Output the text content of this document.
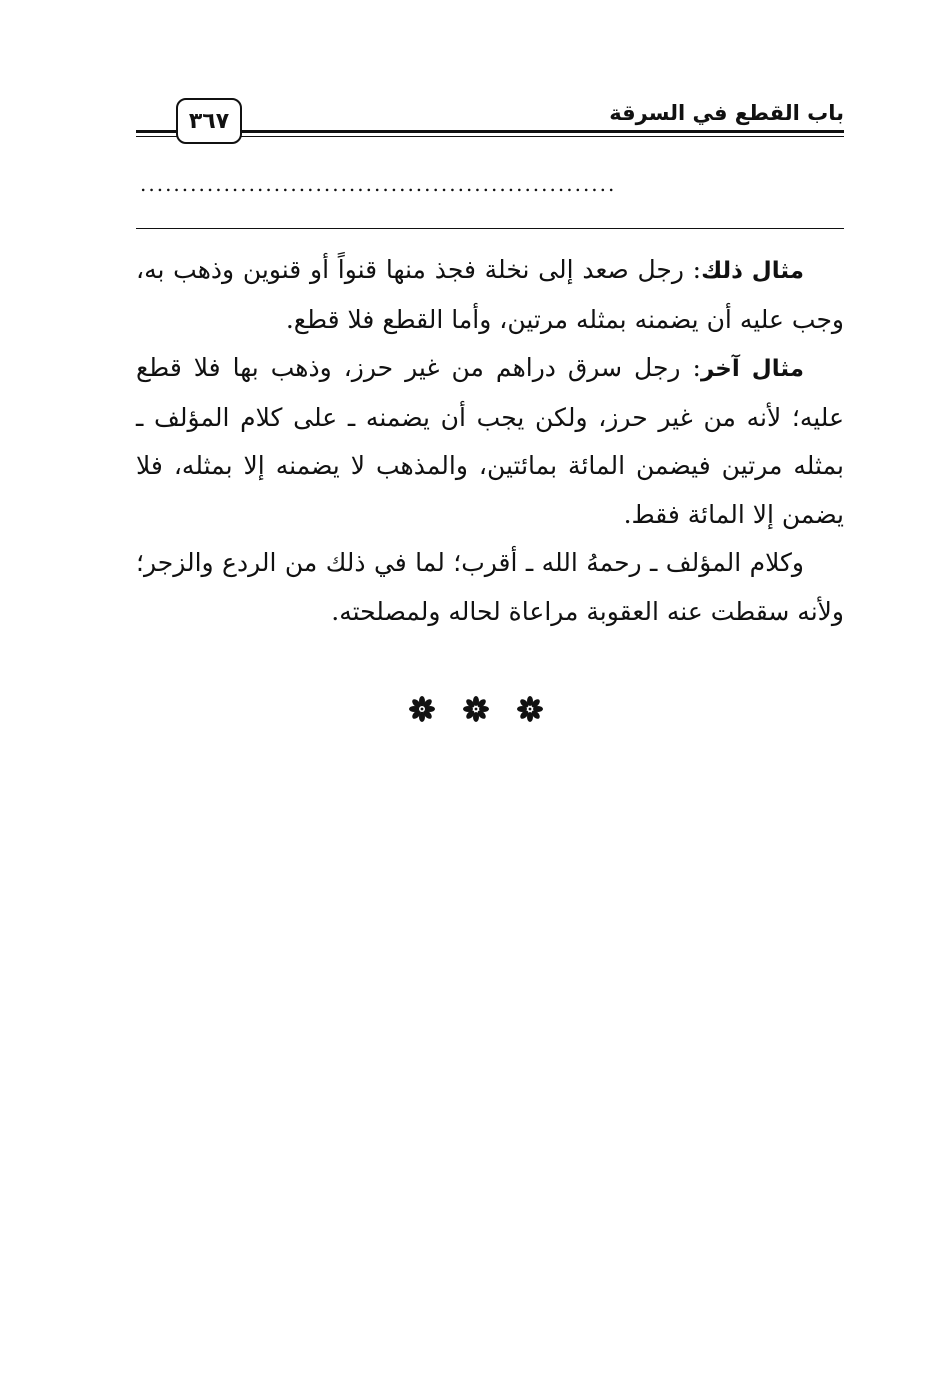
باب القطع في السرقة
٣٦٧
.........................................................

مثال ذلك: رجل صعد إلى نخلة فجذ منها قنواً أو قنوين وذهب به، وجب عليه أن يضمنه بمثله مرتين، وأما القطع فلا قطع.

مثال آخر: رجل سرق دراهم من غير حرز، وذهب بها فلا قطع عليه؛ لأنه من غير حرز، ولكن يجب أن يضمنه ـ على كلام المؤلف ـ بمثله مرتين فيضمن المائة بمائتين، والمذهب لا يضمنه إلا بمثله، فلا يضمن إلا المائة فقط.

وكلام المؤلف ـ رحمهُ الله ـ أقرب؛ لما في ذلك من الردع والزجر؛ ولأنه سقطت عنه العقوبة مراعاة لحاله ولمصلحته.
